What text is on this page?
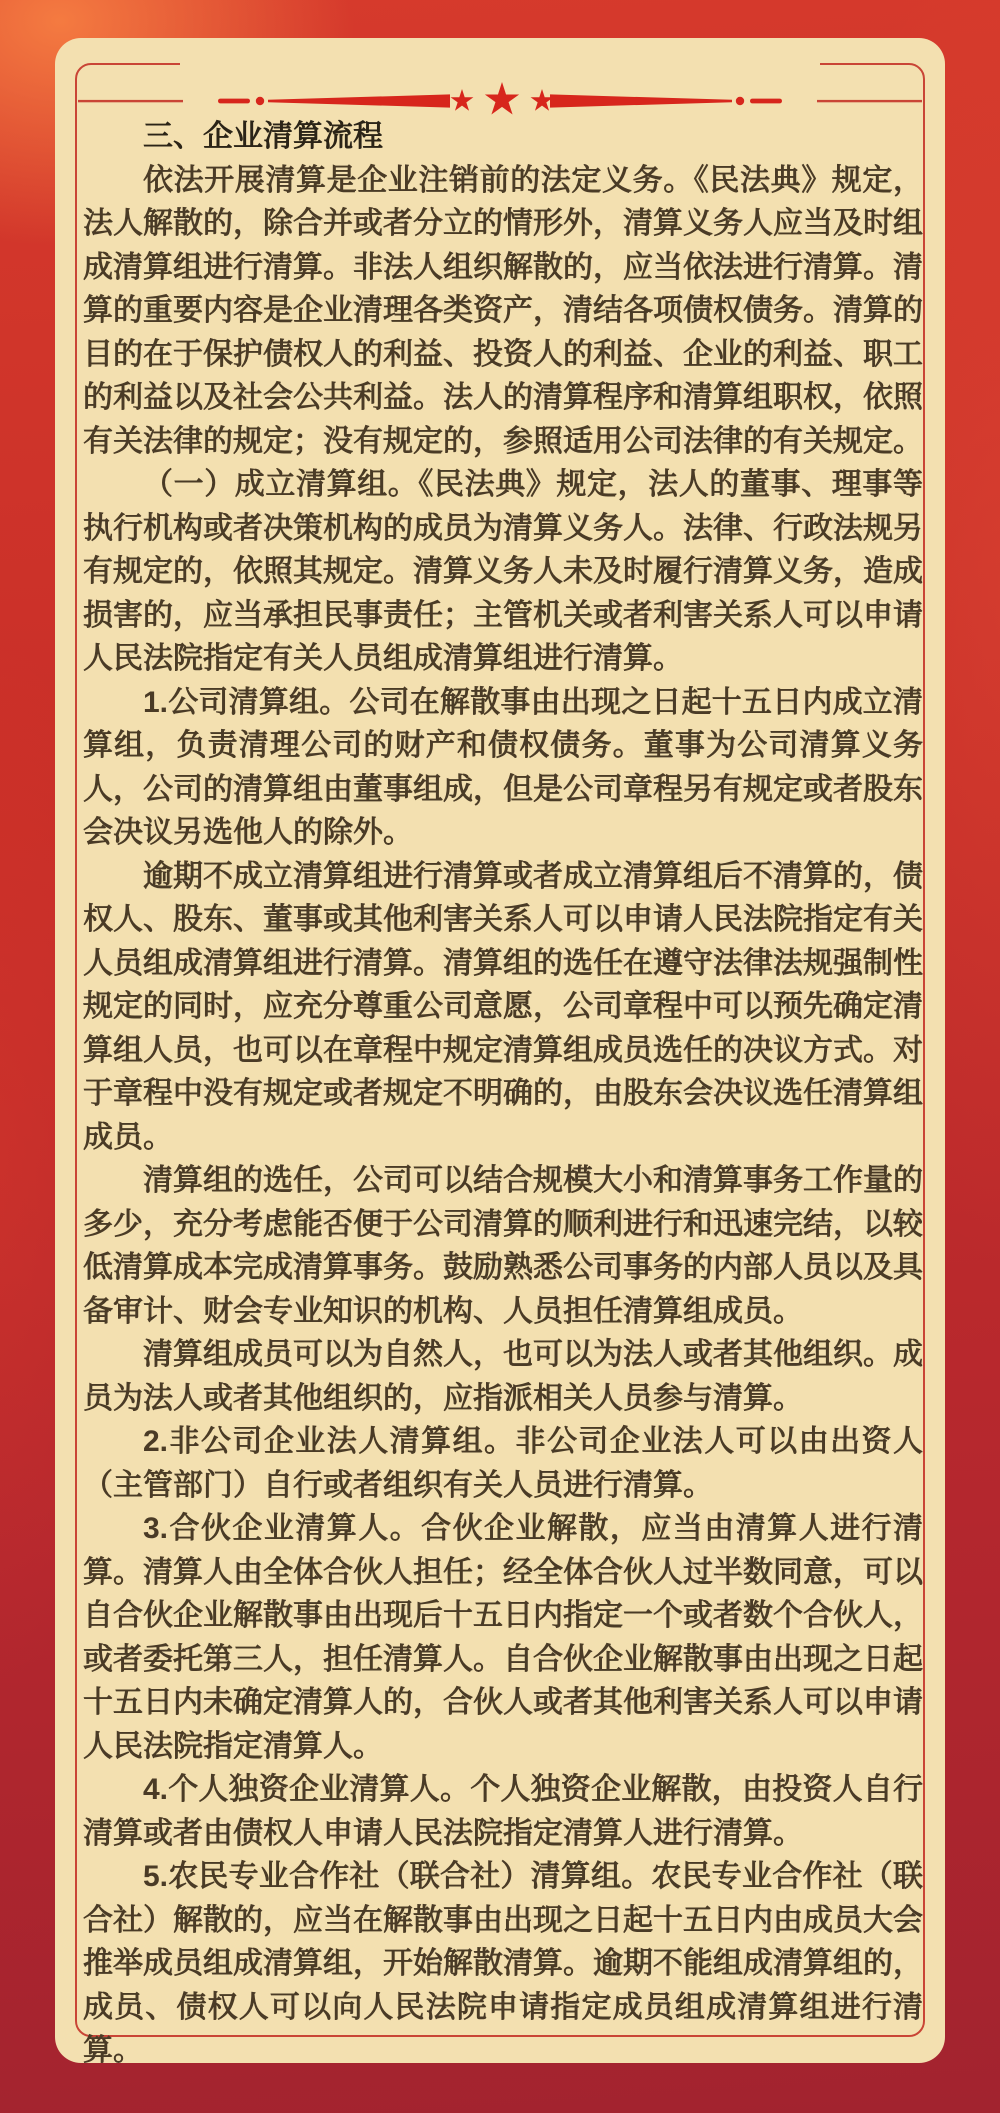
三、企业清算流程

依法开展清算是企业注销前的法定义务。《民法典》规定，法人解散的，除合并或者分立的情形外，清算义务人应当及时组成清算组进行清算。非法人组织解散的，应当依法进行清算。清算的重要内容是企业清理各类资产，清结各项债权债务。清算的目的在于保护债权人的利益、投资人的利益、企业的利益、职工的利益以及社会公共利益。法人的清算程序和清算组职权，依照有关法律的规定；没有规定的，参照适用公司法律的有关规定。

（一）成立清算组。《民法典》规定，法人的董事、理事等执行机构或者决策机构的成员为清算义务人。法律、行政法规另有规定的，依照其规定。清算义务人未及时履行清算义务，造成损害的，应当承担民事责任；主管机关或者利害关系人可以申请人民法院指定有关人员组成清算组进行清算。

1.公司清算组。公司在解散事由出现之日起十五日内成立清算组，负责清理公司的财产和债权债务。董事为公司清算义务人，公司的清算组由董事组成，但是公司章程另有规定或者股东会决议另选他人的除外。

逾期不成立清算组进行清算或者成立清算组后不清算的，债权人、股东、董事或其他利害关系人可以申请人民法院指定有关人员组成清算组进行清算。清算组的选任在遵守法律法规强制性规定的同时，应充分尊重公司意愿，公司章程中可以预先确定清算组人员，也可以在章程中规定清算组成员选任的决议方式。对于章程中没有规定或者规定不明确的，由股东会决议选任清算组成员。

清算组的选任，公司可以结合规模大小和清算事务工作量的多少，充分考虑能否便于公司清算的顺利进行和迅速完结，以较低清算成本完成清算事务。鼓励熟悉公司事务的内部人员以及具备审计、财会专业知识的机构、人员担任清算组成员。

清算组成员可以为自然人，也可以为法人或者其他组织。成员为法人或者其他组织的，应指派相关人员参与清算。

2.非公司企业法人清算组。非公司企业法人可以由出资人（主管部门）自行或者组织有关人员进行清算。

3.合伙企业清算人。合伙企业解散，应当由清算人进行清算。清算人由全体合伙人担任；经全体合伙人过半数同意，可以自合伙企业解散事由出现后十五日内指定一个或者数个合伙人，或者委托第三人，担任清算人。自合伙企业解散事由出现之日起十五日内未确定清算人的，合伙人或者其他利害关系人可以申请人民法院指定清算人。

4.个人独资企业清算人。个人独资企业解散，由投资人自行清算或者由债权人申请人民法院指定清算人进行清算。

5.农民专业合作社（联合社）清算组。农民专业合作社（联合社）解散的，应当在解散事由出现之日起十五日内由成员大会推举成员组成清算组，开始解散清算。逾期不能组成清算组的，成员、债权人可以向人民法院申请指定成员组成清算组进行清算。
